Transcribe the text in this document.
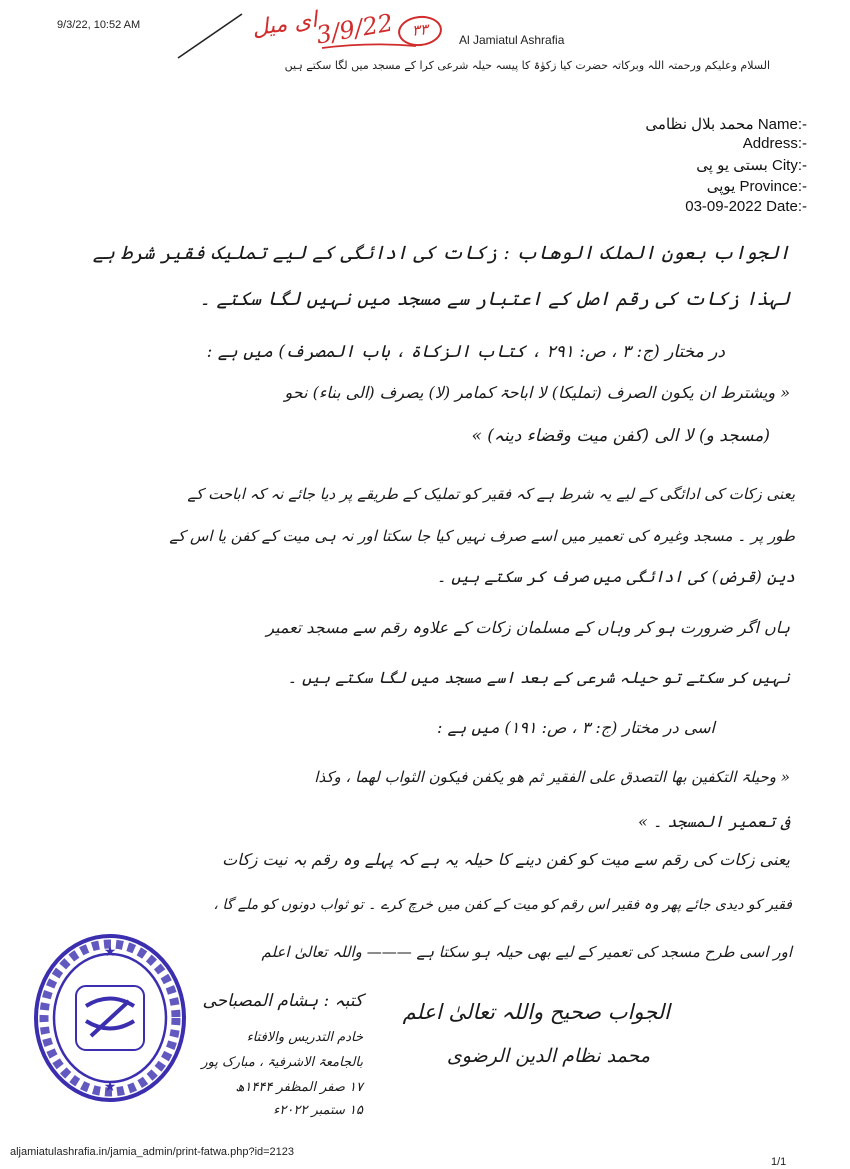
9/3/22, 10:52 AM
Al Jamiatul Ashrafia
السلام وعلیکم ورحمتہ اللہ وبرکاتہ حضرت کیا زکوٰۃ کا پیسہ حیلہ شرعی کرا کے مسجد میں لگا سکتے ہیں
ای میل
3/9/22	۳۳
محمد بلال نظامی Name:-
Address:-
بستی یو پی City:-
یوپی Province:-
03-09-2022 Date:-
الجواب بعون الملک الوھاب : زکات کی ادائگی کے لیے تملیک فقیر شرط ہے
لہذا زکات کی رقم اصل کے اعتبار سے مسجد میں نہیں لگا سکتے ۔
در مختار (ج: ۳ ، ص: ۲۹۱ ، کتاب الزکاۃ ، باب المصرف) میں ہے :
« ویشترط ان یکون الصرف (تملیکا) لا اباحۃ کمامر (لا) یصرف (الی بناء) نحو
(مسجد و) لا الی (کفن میت وقضاء دینہ) »
یعنی زکات کی ادائگی کے لیے یہ شرط ہے کہ فقیر کو تملیک کے طریقے پر دیا جائے نہ کہ اباحت کے
طور پر ۔ مسجد وغیرہ کی تعمیر میں اسے صرف نہیں کیا جا سکتا اور نہ ہی میت کے کفن یا اس کے
دین (قرض) کی ادائگی میں صرف کر سکتے ہیں ۔
ہاں اگر ضرورت ہو کر وہاں کے مسلمان زکات کے علاوہ رقم سے مسجد تعمیر
نہیں کر سکتے تو حیلہ شرعی کے بعد اسے مسجد میں لگا سکتے ہیں ۔
اسی در مختار (ج: ۳ ، ص: ۱۹۱) میں ہے :
« وحیلۃ التکفین بھا التصدق علی الفقیر ثم ھو یکفن فیکون الثواب لھما ، وکذا
فی تعمیر المسجد ۔ »
یعنی زکات کی رقم سے میت کو کفن دینے کا حیلہ یہ ہے کہ پہلے وہ رقم بہ نیت زکات
فقیر کو دیدی جائے پھر وہ فقیر اس رقم کو میت کے کفن میں خرچ کرے ۔ تو ثواب دونوں کو ملے گا ،
اور اسی طرح مسجد کی تعمیر کے لیے بھی حیلہ ہو سکتا ہے ——— واللہ تعالیٰ اعلم
★
★
کتبہ : ہشام المصباحی
خادم التدریس والافتاء
بالجامعۃ الاشرفیۃ ، مبارک پور
۱۷ صفر المظفر ۱۴۴۴ھ
۱۵ ستمبر ۲۰۲۲ء
الجواب صحیح واللہ تعالیٰ اعلم
محمد نظام الدین الرضوی
aljamiatulashrafia.in/jamia_admin/print-fatwa.php?id=2123
1/1
